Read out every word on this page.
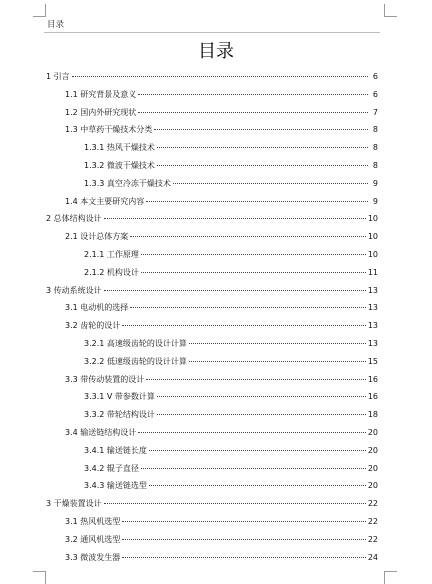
目录
目录
1 引言	6
1.1 研究背景及意义	6
1.2 国内外研究现状	7
1.3 中草药干燥技术分类	8
1.3.1 热风干燥技术	8
1.3.2 微波干燥技术	8
1.3.3 真空冷冻干燥技术	9
1.4 本文主要研究内容	9
2 总体结构设计	10
2.1 设计总体方案	10
2.1.1 工作原理	10
2.1.2 机构设计	11
3 传动系统设计	13
3.1 电动机的选择	13
3.2 齿轮的设计	13
3.2.1 高速级齿轮的设计计算	13
3.2.2 低速级齿轮的设计计算	15
3.3 带传动装置的设计	16
3.3.1 V 带参数计算	16
3.3.2 带轮结构设计	18
3.4 输送链结构设计	20
3.4.1 输送链长度	20
3.4.2 辊子直径	20
3.4.3 输送链选型	20
3 干燥装置设计	22
3.1 热风机选型	22
3.2 通风机选型	22
3.3 微波发生器	24
